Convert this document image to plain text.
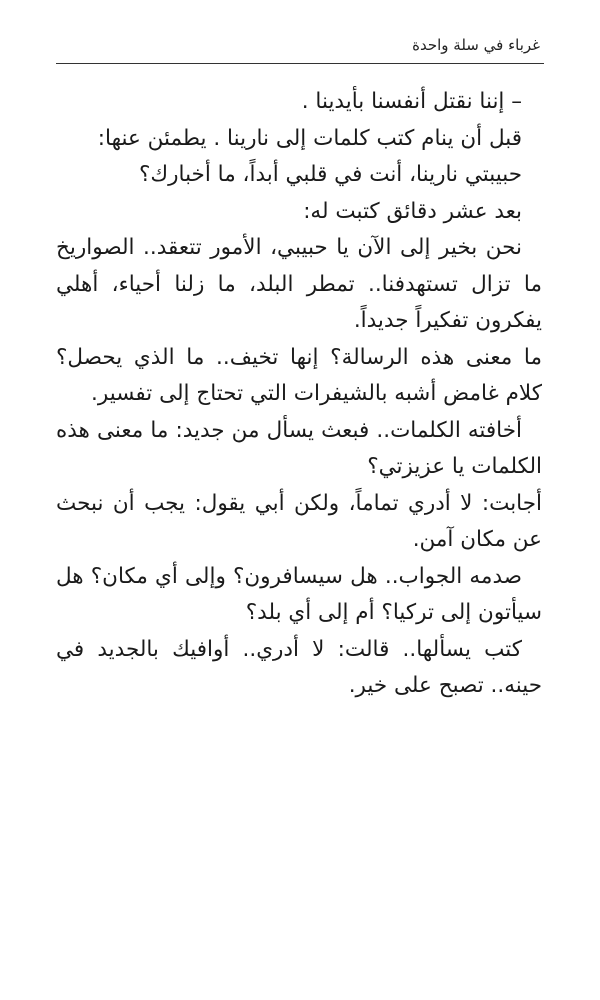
غرباء في سلة واحدة

– إننا نقتل أنفسنا بأيدينا .

قبل أن ينام كتب كلمات إلى نارينا . يطمئن عنها:

حبيبتي نارينا، أنت في قلبي أبداً، ما أخبارك؟

بعد عشر دقائق كتبت له:

نحن بخير إلى الآن يا حبيبي، الأمور تتعقد.. الصواريخ ما تزال تستهدفنا.. تمطر البلد، ما زلنا أحياء، أهلي يفكرون تفكيراً جديداً.

ما معنى هذه الرسالة؟ إنها تخيف.. ما الذي يحصل؟ كلام غامض أشبه بالشيفرات التي تحتاج إلى تفسير.

أخافته الكلمات.. فبعث يسأل من جديد: ما معنى هذه الكلمات يا عزيزتي؟

أجابت: لا أدري تماماً، ولكن أبي يقول: يجب أن نبحث عن مكان آمن.

صدمه الجواب.. هل سيسافرون؟ وإلى أي مكان؟ هل سيأتون إلى تركيا؟ أم إلى أي بلد؟

كتب يسألها.. قالت: لا أدري.. أوافيك بالجديد في حينه.. تصبح على خير.
